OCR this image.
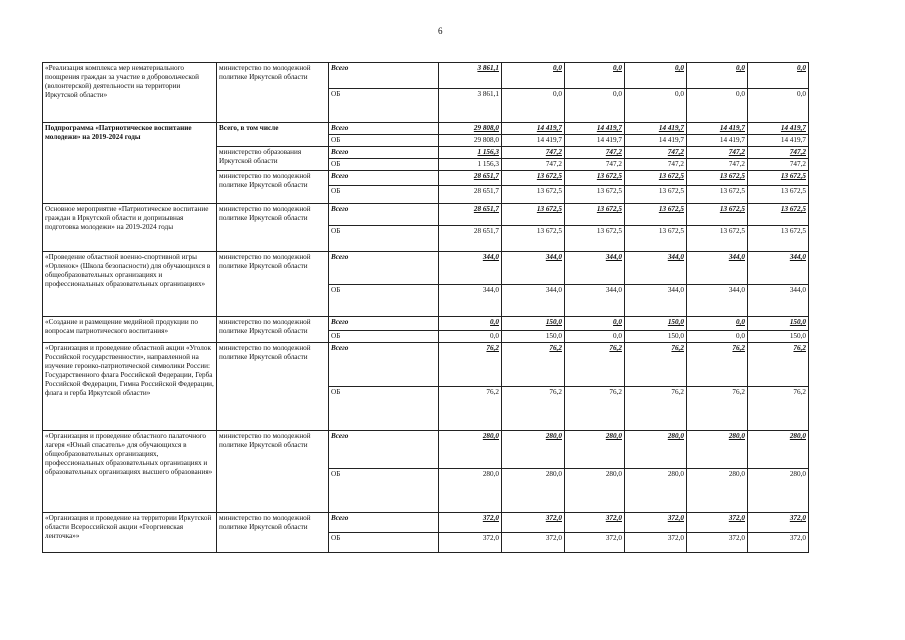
6
«Реализация комплекса мер нематериального поощрения граждан за участие в добровольческой (волонтерской) деятельности на территории Иркутской области»	министерство по молодежной политике Иркутской области	Всего	3 861,1	0,0	0,0	0,0	0,0	0,0
		ОБ	3 861,1	0,0	0,0	0,0	0,0	0,0
Подпрограмма «Патриотическое воспитание молодежи» на 2019-2024 годы	Всего, в том числе	Всего	29 808,0	14 419,7	14 419,7	14 419,7	14 419,7	14 419,7
		ОБ	29 808,0	14 419,7	14 419,7	14 419,7	14 419,7	14 419,7
	министерство образования Иркутской области	Всего	1 156,3	747,2	747,2	747,2	747,2	747,2
		ОБ	1 156,3	747,2	747,2	747,2	747,2	747,2
	министерство по молодежной политике Иркутской области	Всего	28 651,7	13 672,5	13 672,5	13 672,5	13 672,5	13 672,5
		ОБ	28 651,7	13 672,5	13 672,5	13 672,5	13 672,5	13 672,5
Основное мероприятие «Патриотическое воспитание граждан в Иркутской области и допризывная подготовка молодежи» на 2019-2024 годы	министерство по молодежной политике Иркутской области	Всего	28 651,7	13 672,5	13 672,5	13 672,5	13 672,5	13 672,5
		ОБ	28 651,7	13 672,5	13 672,5	13 672,5	13 672,5	13 672,5
«Проведение областной военно-спортивной игры «Орленок» (Школа безопасности) для обучающихся в общеобразовательных организациях и профессиональных образовательных организациях»	министерство по молодежной политике Иркутской области	Всего	344,0	344,0	344,0	344,0	344,0	344,0
		ОБ	344,0	344,0	344,0	344,0	344,0	344,0
«Создание и размещение медийной продукции по вопросам патриотического воспитания»	министерство по молодежной политике Иркутской области	Всего	0,0	150,0	0,0	150,0	0,0	150,0
		ОБ	0,0	150,0	0,0	150,0	0,0	150,0
«Организация и проведение областной акции «Уголок Российской государственности», направленной на изучение героико-патриотической символики России: Государственного флага Российской Федерации, Герба Российской Федерации, Гимна Российской Федерации, флага и герба Иркутской области»	министерство по молодежной политике Иркутской области	Всего	76,2	76,2	76,2	76,2	76,2	76,2
		ОБ	76,2	76,2	76,2	76,2	76,2	76,2
«Организация и проведение областного палаточного лагеря «Юный спасатель» для обучающихся в общеобразовательных организациях, профессиональных образовательных организациях и образовательных организациях высшего образования»	министерство по молодежной политике Иркутской области	Всего	280,0	280,0	280,0	280,0	280,0	280,0
		ОБ	280,0	280,0	280,0	280,0	280,0	280,0
«Организация и проведение на территории Иркутской области Всероссийской акции «Георгиевская ленточка»»	министерство по молодежной политике Иркутской области	Всего	372,0	372,0	372,0	372,0	372,0	372,0
		ОБ	372,0	372,0	372,0	372,0	372,0	372,0
